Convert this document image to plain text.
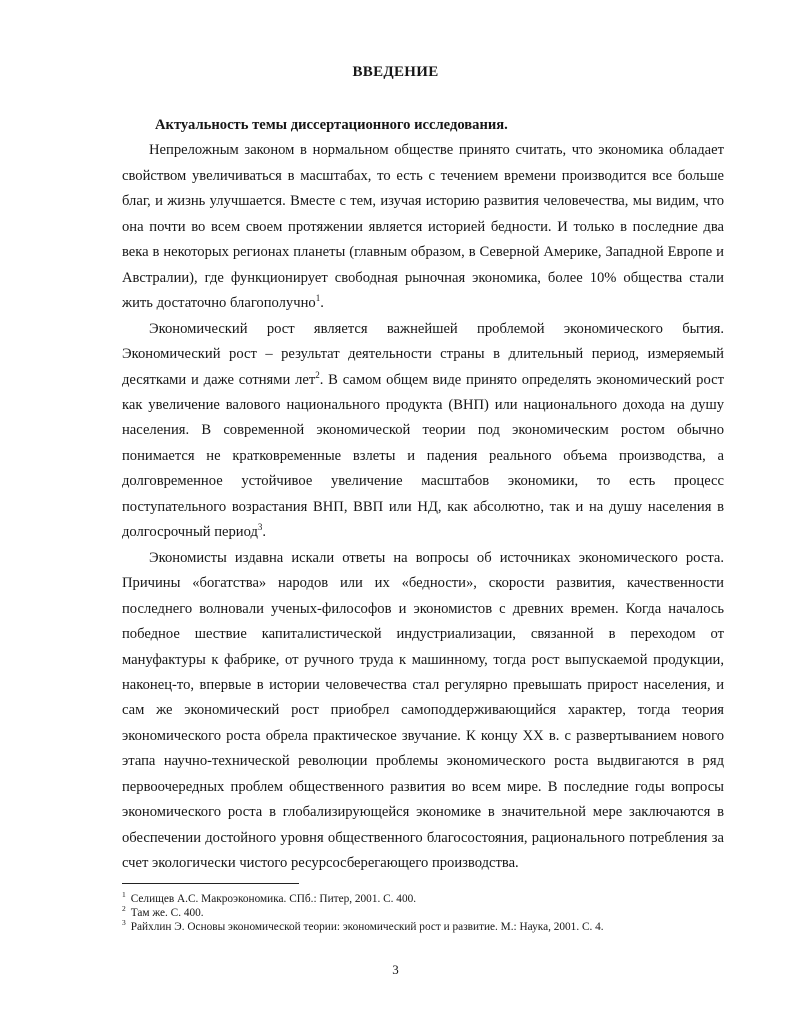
ВВЕДЕНИЕ

Актуальность темы диссертационного исследования.

Непреложным законом в нормальном обществе принято считать, что экономика обладает свойством увеличиваться в масштабах, то есть с течением времени производится все больше благ, и жизнь улучшается. Вместе с тем, изучая историю развития человечества, мы видим, что она почти во всем своем протяжении является историей бедности. И только в последние два века в некоторых регионах планеты (главным образом, в Северной Америке, Западной Европе и Австралии), где функционирует свободная рыночная экономика, более 10% общества стали жить достаточно благополучно$^1$.

Экономический рост является важнейшей проблемой экономического бытия. Экономический рост – результат деятельности страны в длительный период, измеряемый десятками и даже сотнями лет$^2$. В самом общем виде принято определять экономический рост как увеличение валового национального продукта (ВНП) или национального дохода на душу населения. В современной экономической теории под экономическим ростом обычно понимается не кратковременные взлеты и падения реального объема производства, а долговременное устойчивое увеличение масштабов экономики, то есть процесс поступательного возрастания ВНП, ВВП или НД, как абсолютно, так и на душу населения в долгосрочный период$^3$.

Экономисты издавна искали ответы на вопросы об источниках экономического роста. Причины «богатства» народов или их «бедности», скорости развития, качественности последнего волновали ученых-философов и экономистов с древних времен. Когда началось победное шествие капиталистической индустриализации, связанной в переходом от мануфактуры к фабрике, от ручного труда к машинному, тогда рост выпускаемой продукции, наконец-то, впервые в истории человечества стал регулярно превышать прирост населения, и сам же экономический рост приобрел самоподдерживающийся характер, тогда теория экономического роста обрела практическое звучание. К концу XX в. с развертыванием нового этапа научно-технической революции проблемы экономического роста выдвигаются в ряд первоочередных проблем общественного развития во всем мире. В последние годы вопросы экономического роста в глобализирующейся экономике в значительной мере заключаются в обеспечении достойного уровня общественного благосостояния, рационального потребления за счет экологически чистого ресурсосберегающего производства.

$^1$ Селищев А.С. Макроэкономика. СПб.: Питер, 2001. С. 400.

$^2$ Там же. С. 400.

$^3$ Райхлин Э. Основы экономической теории: экономический рост и развитие. М.: Наука, 2001. С. 4.

3
